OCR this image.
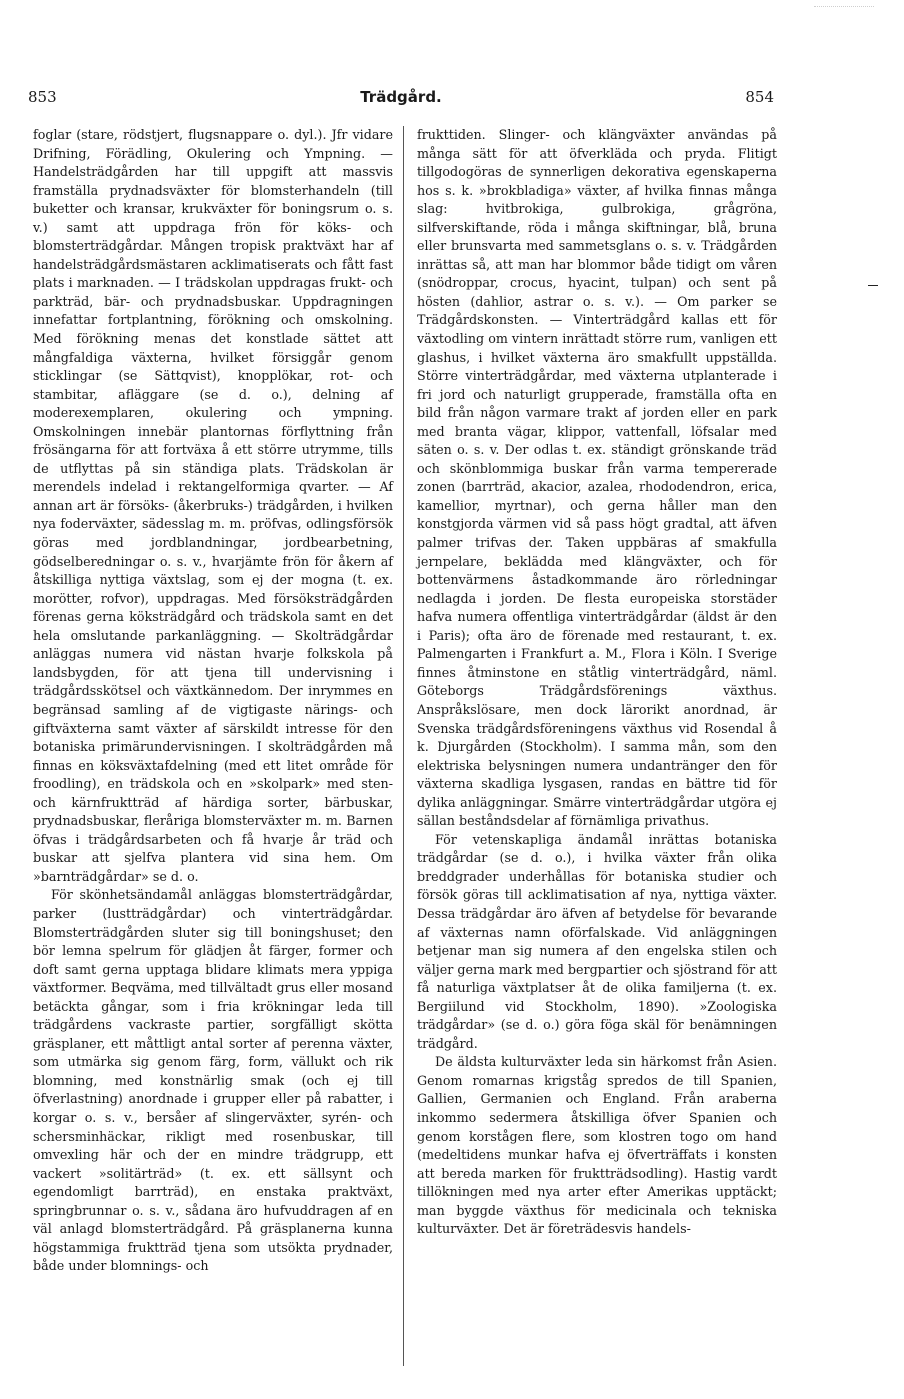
853	Trädgård.	854

foglar (stare, rödstjert, flugsnappare o. dyl.). Jfr vidare Drifning, Förädling, Okulering och Ympning. — Handelsträdgården har till uppgift att massvis framställa prydnadsväxter för blomsterhandeln (till buketter och kransar, krukväxter för boningsrum o. s. v.) samt att uppdraga frön för köks- och blomsterträdgårdar. Mången tropisk praktväxt har af handelsträdgårdsmästaren acklimatiserats och fått fast plats i marknaden. — I trädskolan uppdragas frukt- och parkträd, bär- och prydnadsbuskar. Uppdragningen innefattar fortplantning, förökning och omskolning. Med förökning menas det konstlade sättet att mångfaldiga växterna, hvilket försiggår genom sticklingar (se Sättqvist), knopplökar, rot- och stambitar, afläggare (se d. o.), delning af moderexemplaren, okulering och ympning. Omskolningen innebär plantornas förflyttning från frösängarna för att fortväxa å ett större utrymme, tills de utflyttas på sin ständiga plats. Trädskolan är merendels indelad i rektangelformiga qvarter. — Af annan art är försöks- (åkerbruks-) trädgården, i hvilken nya foderväxter, sädesslag m. m. pröfvas, odlingsförsök göras med jordblandningar, jordbearbetning, gödselberedningar o. s. v., hvarjämte frön för åkern af åtskilliga nyttiga växtslag, som ej der mogna (t. ex. morötter, rofvor), uppdragas. Med försöksträdgården förenas gerna köksträdgård och trädskola samt en det hela omslutande parkanläggning. — Skolträdgårdar anläggas numera vid nästan hvarje folkskola på landsbygden, för att tjena till undervisning i trädgårdsskötsel och växtkännedom. Der inrymmes en begränsad samling af de vigtigaste närings- och giftväxterna samt växter af särskildt intresse för den botaniska primärundervisningen. I skolträdgården må finnas en köksväxtafdelning (med ett litet område för froodling), en trädskola och en »skolpark» med sten- och kärnfruktträd af härdiga sorter, bärbuskar, prydnadsbuskar, fleråriga blomsterväxter m. m. Barnen öfvas i trädgårdsarbeten och få hvarje år träd och buskar att sjelfva plantera vid sina hem. Om »barnträdgårdar» se d. o.

För skönhetsändamål anläggas blomsterträdgårdar, parker (lustträdgårdar) och vinterträdgårdar. Blomsterträdgården sluter sig till boningshuset; den bör lemna spelrum för glädjen åt färger, former och doft samt gerna upptaga blidare klimats mera yppiga växtformer. Beqväma, med tillvältadt grus eller mosand betäckta gångar, som i fria krökningar leda till trädgårdens vackraste partier, sorgfälligt skötta gräsplaner, ett måttligt antal sorter af perenna växter, som utmärka sig genom färg, form, vällukt och rik blomning, med konstnärlig smak (och ej till öfverlastning) anordnade i grupper eller på rabatter, i korgar o. s. v., bersåer af slingerväxter, syrén- och schersminhäckar, rikligt med rosenbuskar, till omvexling här och der en mindre trädgrupp, ett vackert »solitärträd» (t. ex. ett sällsynt och egendomligt barrträd), en enstaka praktväxt, springbrunnar o. s. v., sådana äro hufvuddragen af en väl anlagd blomsterträdgård. På gräsplanerna kunna högstammiga fruktträd tjena som utsökta prydnader, både under blomnings- och

frukttiden. Slinger- och klängväxter användas på många sätt för att öfverkläda och pryda. Flitigt tillgodogöras de synnerligen dekorativa egenskaperna hos s. k. »brokbladiga» växter, af hvilka finnas många slag: hvitbrokiga, gulbrokiga, grågröna, silfverskiftande, röda i många skiftningar, blå, bruna eller brunsvarta med sammetsglans o. s. v. Trädgården inrättas så, att man har blommor både tidigt om våren (snödroppar, crocus, hyacint, tulpan) och sent på hösten (dahlior, astrar o. s. v.). — Om parker se Trädgårdskonsten. — Vinterträdgård kallas ett för växtodling om vintern inrättadt större rum, vanligen ett glashus, i hvilket växterna äro smakfullt uppställda. Större vinterträdgårdar, med växterna utplanterade i fri jord och naturligt grupperade, framställa ofta en bild från någon varmare trakt af jorden eller en park med branta vägar, klippor, vattenfall, löfsalar med säten o. s. v. Der odlas t. ex. ständigt grönskande träd och skönblommiga buskar från varma tempererade zonen (barrträd, akacior, azalea, rhododendron, erica, kamellior, myrtnar), och gerna håller man den konstgjorda värmen vid så pass högt gradtal, att äfven palmer trifvas der. Taken uppbäras af smakfulla jernpelare, beklädda med klängväxter, och för bottenvärmens åstadkommande äro rörledningar nedlagda i jorden. De flesta europeiska storstäder hafva numera offentliga vinterträdgårdar (äldst är den i Paris); ofta äro de förenade med restaurant, t. ex. Palmengarten i Frankfurt a. M., Flora i Köln. I Sverige finnes åtminstone en ståtlig vinterträdgård, näml. Göteborgs Trädgårdsförenings växthus. Anspråkslösare, men dock lärorikt anordnad, är Svenska trädgårdsföreningens växthus vid Rosendal å k. Djurgården (Stockholm). I samma mån, som den elektriska belysningen numera undantränger den för växterna skadliga lysgasen, randas en bättre tid för dylika anläggningar. Smärre vinterträdgårdar utgöra ej sällan beståndsdelar af förnämliga privathus.

För vetenskapliga ändamål inrättas botaniska trädgårdar (se d. o.), i hvilka växter från olika breddgrader underhållas för botaniska studier och försök göras till acklimatisation af nya, nyttiga växter. Dessa trädgårdar äro äfven af betydelse för bevarande af växternas namn oförfalskade. Vid anläggningen betjenar man sig numera af den engelska stilen och väljer gerna mark med bergpartier och sjöstrand för att få naturliga växtplatser åt de olika familjerna (t. ex. Bergiilund vid Stockholm, 1890). »Zoologiska trädgårdar» (se d. o.) göra föga skäl för benämningen trädgård.

De äldsta kulturväxter leda sin härkomst från Asien. Genom romarnas krigståg spredos de till Spanien, Gallien, Germanien och England. Från araberna inkommo sedermera åtskilliga öfver Spanien och genom korstågen flere, som klostren togo om hand (medeltidens munkar hafva ej öfverträffats i konsten att bereda marken för fruktträdsodling). Hastig vardt tillökningen med nya arter efter Amerikas upptäckt; man byggde växthus för medicinala och tekniska kulturväxter. Det är företrädesvis handels-
